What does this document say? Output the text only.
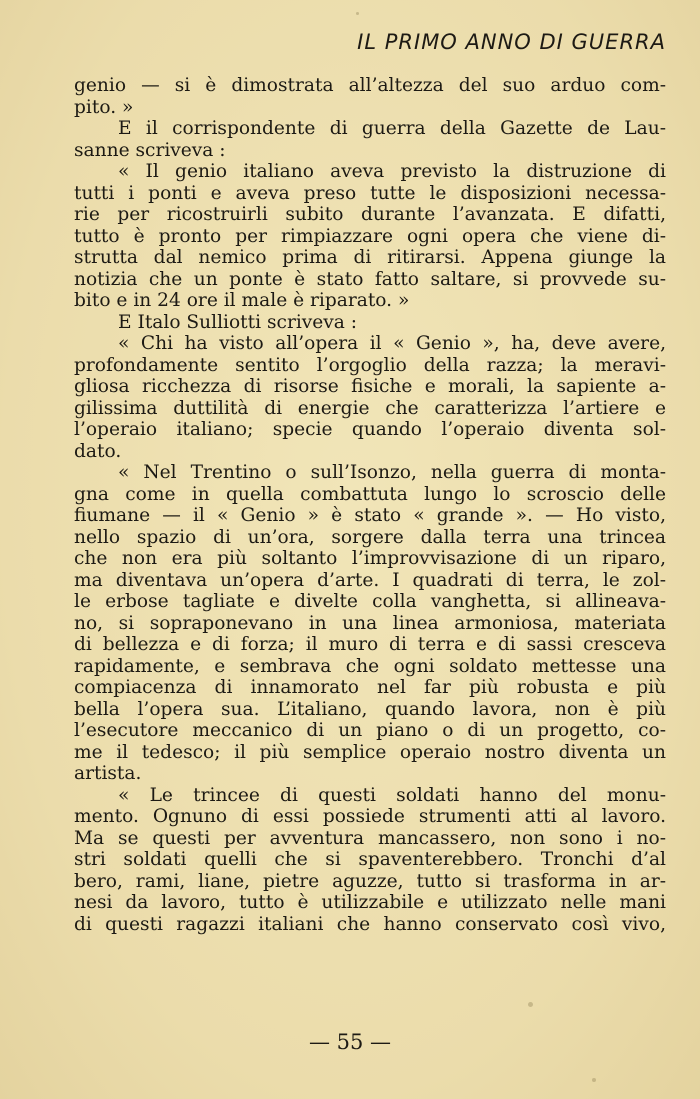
IL PRIMO ANNO DI GUERRA
genio — si è dimostrata all’altezza del suo arduo com-
pito. »
E il corrispondente di guerra della Gazette de Lau-
sanne scriveva :
« Il genio italiano aveva previsto la distruzione di
tutti i ponti e aveva preso tutte le disposizioni necessa-
rie per ricostruirli subito durante l’avanzata. E difatti,
tutto è pronto per rimpiazzare ogni opera che viene di-
strutta dal nemico prima di ritirarsi. Appena giunge la
notizia che un ponte è stato fatto saltare, si provvede su-
bito e in 24 ore il male è riparato. »
E Italo Sulliotti scriveva :
« Chi ha visto all’opera il « Genio », ha, deve avere,
profondamente sentito l’orgoglio della razza; la meravi-
gliosa ricchezza di risorse fisiche e morali, la sapiente a-
gilissima duttilità di energie che caratterizza l’artiere e
l’operaio italiano; specie quando l’operaio diventa sol-
dato.
« Nel Trentino o sull’Isonzo, nella guerra di monta-
gna come in quella combattuta lungo lo scroscio delle
fiumane — il « Genio » è stato « grande ». — Ho visto,
nello spazio di un’ora, sorgere dalla terra una trincea
che non era più soltanto l’improvvisazione di un riparo,
ma diventava un’opera d’arte. I quadrati di terra, le zol-
le erbose tagliate e divelte colla vanghetta, si allineava-
no, si sopraponevano in una linea armoniosa, materiata
di bellezza e di forza; il muro di terra e di sassi cresceva
rapidamente, e sembrava che ogni soldato mettesse una
compiacenza di innamorato nel far più robusta e più
bella l’opera sua. L’italiano, quando lavora, non è più
l’esecutore meccanico di un piano o di un progetto, co-
me il tedesco; il più semplice operaio nostro diventa un
artista.
« Le trincee di questi soldati hanno del monu-
mento. Ognuno di essi possiede strumenti atti al lavoro.
Ma se questi per avventura mancassero, non sono i no-
stri soldati quelli che si spaventerebbero. Tronchi d’al
bero, rami, liane, pietre aguzze, tutto si trasforma in ar-
nesi da lavoro, tutto è utilizzabile e utilizzato nelle mani
di questi ragazzi italiani che hanno conservato così vivo,
— 55 —
